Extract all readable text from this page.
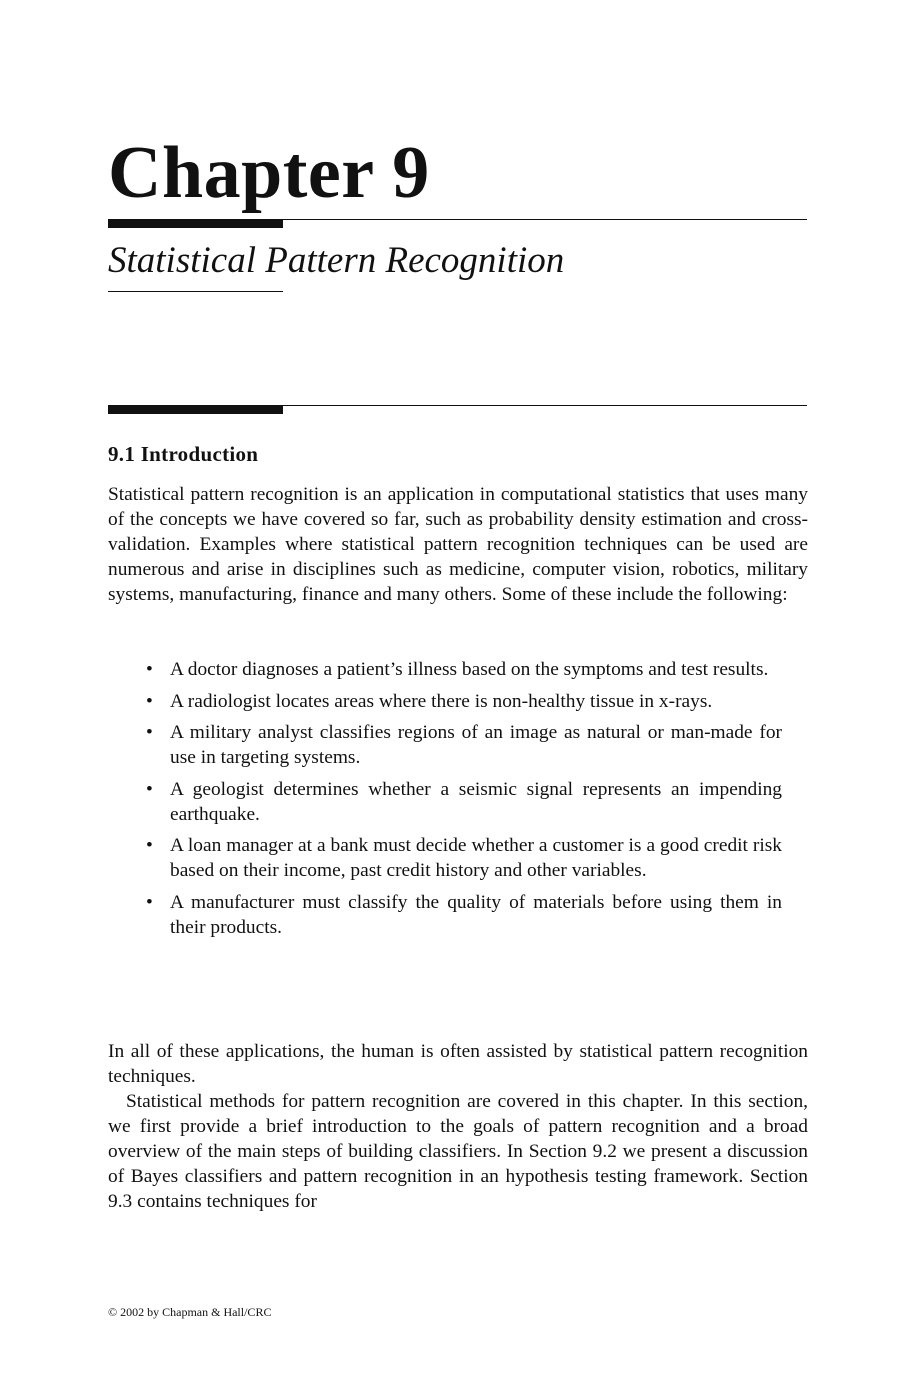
Chapter 9
Statistical Pattern Recognition
9.1 Introduction

Statistical pattern recognition is an application in computational statistics that uses many of the concepts we have covered so far, such as probability density estimation and cross-validation. Examples where statistical pattern recognition techniques can be used are numerous and arise in disciplines such as medicine, computer vision, robotics, military systems, manufacturing, finance and many others. Some of these include the following:

• A doctor diagnoses a patient’s illness based on the symptoms and test results.
• A radiologist locates areas where there is non-healthy tissue in x-rays.
• A military analyst classifies regions of an image as natural or man-made for use in targeting systems.
• A geologist determines whether a seismic signal represents an impending earthquake.
• A loan manager at a bank must decide whether a customer is a good credit risk based on their income, past credit history and other variables.
• A manufacturer must classify the quality of materials before using them in their products.

In all of these applications, the human is often assisted by statistical pattern recognition techniques.

Statistical methods for pattern recognition are covered in this chapter. In this section, we first provide a brief introduction to the goals of pattern recognition and a broad overview of the main steps of building classifiers. In Section 9.2 we present a discussion of Bayes classifiers and pattern recognition in an hypothesis testing framework. Section 9.3 contains techniques for

© 2002 by Chapman & Hall/CRC
